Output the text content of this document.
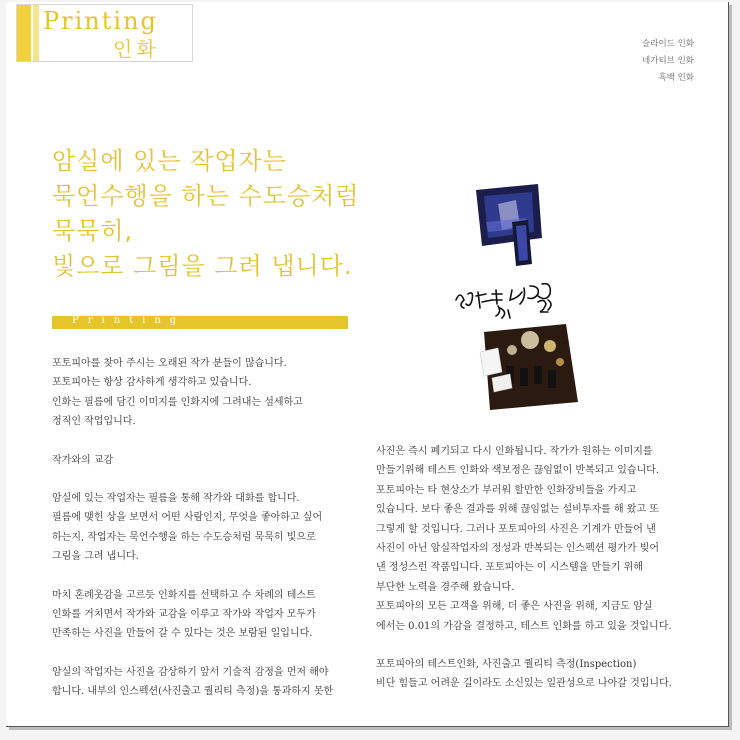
Printing
인화	슬라이드 인화
네가티브 인화
흑백 인화
암실에 있는 작업자는
묵언수행을 하는 수도승처럼
묵묵히,
빛으로 그림을 그려 냅니다.
Printing

포토피아를 찾아 주시는 오래된 작가 분들이 많습니다.

포토피아는 항상 감사하게 생각하고 있습니다.

인화는 필름에 담긴 이미지를 인화지에 그려내는 섬세하고

정직인 작업입니다.

작가와의 교감

암실에 있는 작업자는 필름을 통해 작가와 대화를 합니다.

필름에 맺힌 상을 보면서 어떤 사람인지, 무엇을 좋아하고 싶어

하는지, 작업자는 묵언수행을 하는 수도승처럼 묵묵히 빛으로

그림을 그려 냅니다.

마치 혼례옷감을 고르듯 인화지를 선택하고 수 차례의 테스트

인화를 거치면서 작가와 교감을 이루고 작가와 작업자 모두가

만족하는 사진을 만들어 갈 수 있다는 것은 보람된 일입니다.

암실의 작업자는 사진을 감상하기 앞서 기술적 감정을 먼저 해야

합니다. 내부의 인스펙션(사진출고 퀄리티 측정)을 통과하지 못한

사진은 즉시 폐기되고 다시 인화됩니다. 작가가 원하는 이미지를

만들기위해 테스트 인화와 색보정은 끊임없이 반복되고 있습니다.

포토피아는 타 현상소가 부러워 할만한 인화장비들을 가지고

있습니다. 보다 좋은 결과를 위해 끊임없는 설비투자를 해 왔고 또

그렇게 할 것입니다. 그러나 포토피아의 사진은 기계가 만들어 낸

사진이 아닌 암실작업자의 정성과 반복되는 인스펙션 평가가 빚어

낸 정성스런 작품입니다. 포토피아는 이 시스템을 만들기 위해

부단한 노력을 경주해 왔습니다.

포토피아의 모든 고객을 위해, 더 좋은 사진을 위해, 지금도 암실

에서는 0.01의 가감을 결정하고, 테스트 인화를 하고 있을 것입니다.

포토피아의 테스트인화, 사진출고 퀄리티 측정(Inspection)

비단 힘들고 어려운 길이라도 소신있는 일관성으로 나아갈 것입니다.
